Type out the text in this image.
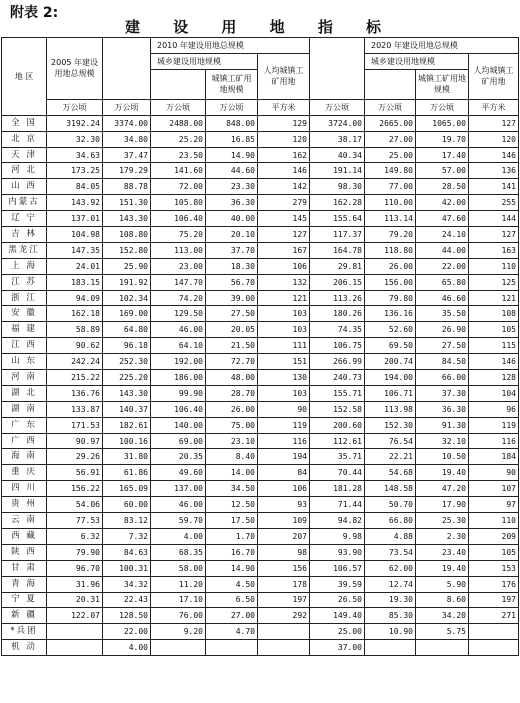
附表 2:
建 设 用 地 指 标
地 区	2005 年建设用地总规模		2010 年建设用地总规模				2020 年建设用地总规模		
			城乡建设用地规模		人均城镇工矿用地		城乡建设用地规模		人均城镇工矿用地
				城镇工矿用地规模				城镇工矿用地规模	
	万公顷	万公顷	万公顷	万公顷	平方米	万公顷	万公顷	万公顷	平方米
全 国	3192.24	3374.00	2488.00	848.00	129	3724.00	2665.00	1065.00	127
北 京	32.30	34.80	25.20	16.85	120	38.17	27.00	19.70	120
天 津	34.63	37.47	23.50	14.90	162	40.34	25.00	17.40	146
河 北	173.25	179.29	141.60	44.60	146	191.14	149.80	57.00	136
山 西	84.05	88.78	72.00	23.30	142	98.30	77.00	28.50	141
内蒙古	143.92	151.30	105.80	36.30	279	162.28	110.00	42.00	255
辽 宁	137.01	143.30	106.40	40.00	145	155.64	113.14	47.60	144
吉 林	104.98	108.80	75.20	20.10	127	117.37	79.20	24.10	127
黑龙江	147.35	152.80	113.00	37.70	167	164.78	118.80	44.00	163
上 海	24.01	25.90	23.00	18.30	106	29.81	26.00	22.00	110
江 苏	183.15	191.92	147.70	56.70	132	206.15	156.00	65.80	125
浙 江	94.09	102.34	74.20	39.00	121	113.26	79.80	46.60	121
安 徽	162.18	169.00	129.50	27.50	103	180.26	136.16	35.50	108
福 建	58.89	64.80	46.00	20.05	103	74.35	52.60	26.90	105
江 西	90.62	96.18	64.10	21.50	111	106.75	69.50	27.50	115
山 东	242.24	252.30	192.00	72.70	151	266.99	200.74	84.50	146
河 南	215.22	225.20	186.00	48.00	130	240.73	194.00	66.00	128
湖 北	136.76	143.30	99.90	28.70	103	155.71	106.71	37.30	104
湖 南	133.87	140.37	106.40	26.00	90	152.58	113.98	36.30	96
广 东	171.53	182.61	140.00	75.00	119	200.60	152.30	91.30	119
广 西	90.97	100.16	69.00	23.10	116	112.61	76.54	32.10	116
海 南	29.26	31.80	20.35	8.40	194	35.71	22.21	10.50	184
重 庆	56.91	61.86	49.60	14.00	84	70.44	54.68	19.40	90
四 川	156.22	165.09	137.00	34.50	106	181.28	148.58	47.20	107
贵 州	54.06	60.00	46.00	12.50	93	71.44	50.70	17.90	97
云 南	77.53	83.12	59.70	17.50	109	94.82	66.80	25.30	110
西 藏	6.32	7.32	4.00	1.70	207	9.98	4.88	2.30	209
陕 西	79.90	84.63	68.35	16.70	98	93.90	73.54	23.40	105
甘 肃	96.70	100.31	58.00	14.90	156	106.57	62.00	19.40	153
青 海	31.96	34.32	11.20	4.50	178	39.59	12.74	5.90	176
宁 夏	20.31	22.43	17.10	6.50	197	26.50	19.30	8.60	197
新 疆	122.07	128.50	76.00	27.00	292	149.40	85.30	34.20	271
*兵团		22.00	9.20	4.70		25.00	10.90	5.75	
机 动		4.00				37.00			
